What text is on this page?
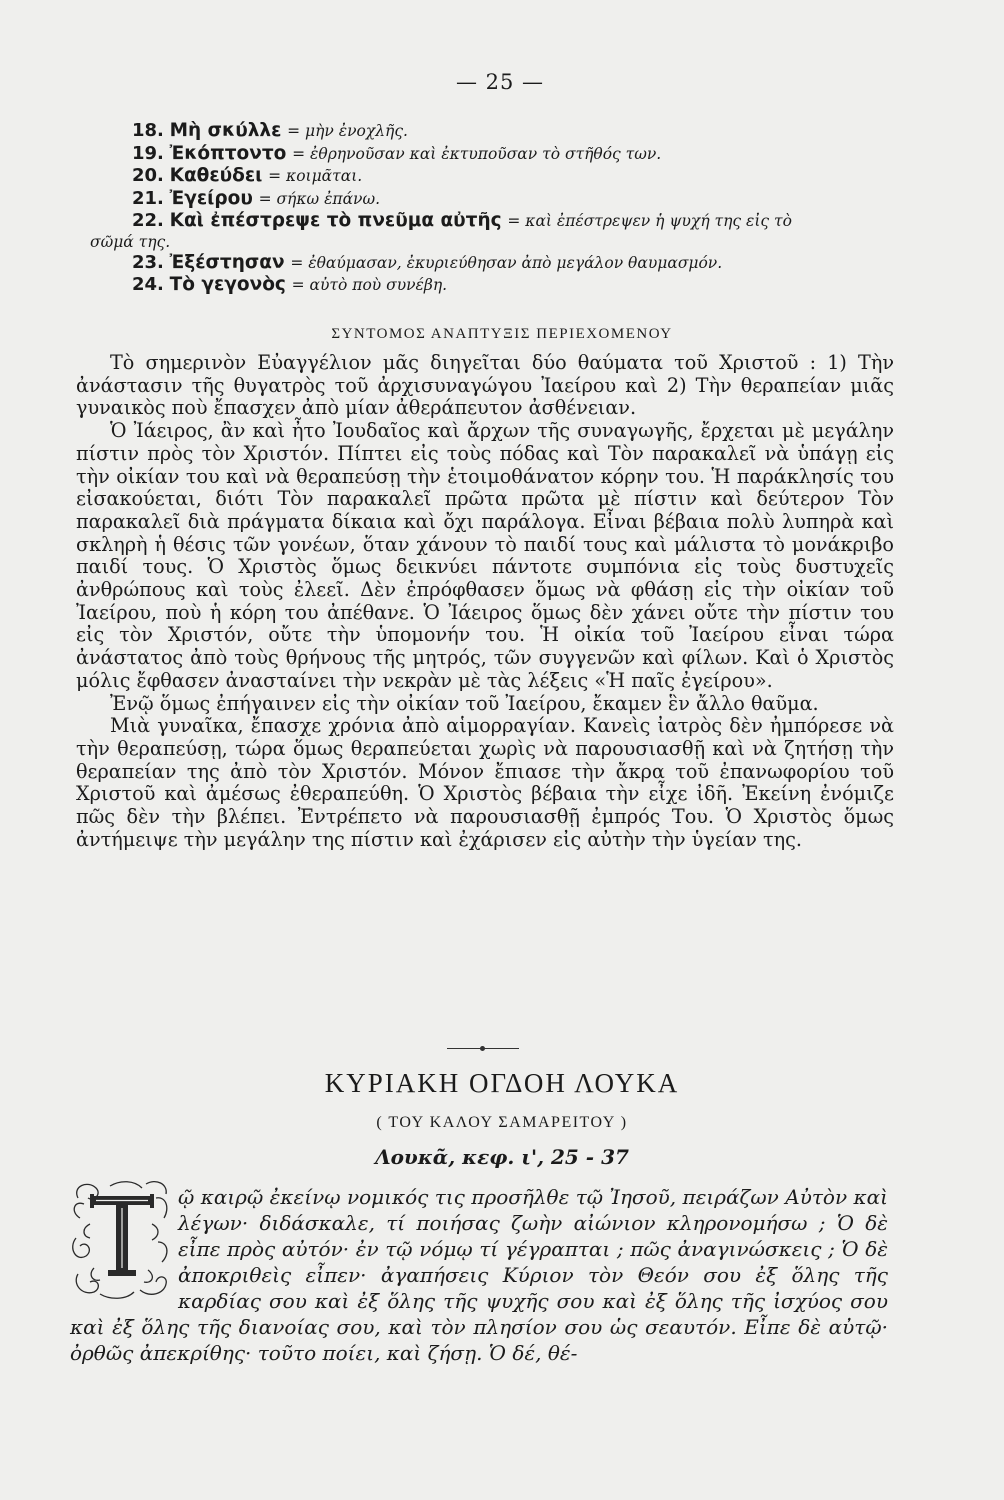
— 25 —
18. Μὴ σκύλλε = μὴν ἐνοχλῆς.
19. Ἐκόπτοντο = ἐθρηνοῦσαν καὶ ἐκτυποῦσαν τὸ στῆθός των.
20. Καθεύδει = κοιμᾶται.
21. Ἐγείρου = σήκω ἐπάνω.
22. Καὶ ἐπέστρεψε τὸ πνεῦμα αὐτῆς = καὶ ἐπέστρεψεν ἡ ψυχή της εἰς τὸ
σῶμά της.
23. Ἐξέστησαν = ἐθαύμασαν, ἐκυριεύθησαν ἀπὸ μεγάλον θαυμασμόν.
24. Τὸ γεγονὸς = αὐτὸ ποὺ συνέβη.
ΣΥΝΤΟΜΟΣ ΑΝΑΠΤΥΞΙΣ ΠΕΡΙΕΧΟΜΕΝΟΥ

Τὸ σημερινὸν Εὐαγγέλιον μᾶς διηγεῖται δύο θαύματα τοῦ Χριστοῦ : 1) Τὴν ἀνάστασιν τῆς θυγατρὸς τοῦ ἀρχισυναγώγου Ἰαείρου καὶ 2) Τὴν θεραπείαν μιᾶς γυναικὸς ποὺ ἔπασχεν ἀπὸ μίαν ἀθεράπευτον ἀσθένειαν.

Ὁ Ἰάειρος, ἂν καὶ ἦτο Ἰουδαῖος καὶ ἄρχων τῆς συναγωγῆς, ἔρχεται μὲ μεγάλην πίστιν πρὸς τὸν Χριστόν. Πίπτει εἰς τοὺς πόδας καὶ Τὸν παρακαλεῖ νὰ ὑπάγῃ εἰς τὴν οἰκίαν του καὶ νὰ θεραπεύσῃ τὴν ἑτοιμοθάνατον κόρην του. Ἡ παράκλησίς του εἰσακούεται, διότι Τὸν παρακαλεῖ πρῶτα πρῶτα μὲ πίστιν καὶ δεύτερον Τὸν παρακαλεῖ διὰ πράγματα δίκαια καὶ ὄχι παράλογα. Εἶναι βέβαια πολὺ λυπηρὰ καὶ σκληρὴ ἡ θέσις τῶν γονέων, ὅταν χάνουν τὸ παιδί τους καὶ μάλιστα τὸ μονάκριβο παιδί τους. Ὁ Χριστὸς ὅμως δεικνύει πάντοτε συμπόνια εἰς τοὺς δυστυχεῖς ἀνθρώπους καὶ τοὺς ἐλεεῖ. Δὲν ἐπρόφθασεν ὅμως νὰ φθάσῃ εἰς τὴν οἰκίαν τοῦ Ἰαείρου, ποὺ ἡ κόρη του ἀπέθανε. Ὁ Ἰάειρος ὅμως δὲν χάνει οὔτε τὴν πίστιν του εἰς τὸν Χριστόν, οὔτε τὴν ὑπομονήν του. Ἡ οἰκία τοῦ Ἰαείρου εἶναι τώρα ἀνάστατος ἀπὸ τοὺς θρήνους τῆς μητρός, τῶν συγγενῶν καὶ φίλων. Καὶ ὁ Χριστὸς μόλις ἔφθασεν ἀνασταίνει τὴν νεκρὰν μὲ τὰς λέξεις «Ἡ παῖς ἐγείρου».

Ἐνῷ ὅμως ἐπήγαινεν εἰς τὴν οἰκίαν τοῦ Ἰαείρου, ἔκαμεν ἓν ἄλλο θαῦμα.

Μιὰ γυναῖκα, ἔπασχε χρόνια ἀπὸ αἱμορραγίαν. Κανεὶς ἰατρὸς δὲν ἠμπόρεσε νὰ τὴν θεραπεύσῃ, τώρα ὅμως θεραπεύεται χωρὶς νὰ παρουσιασθῇ καὶ νὰ ζητήσῃ τὴν θεραπείαν της ἀπὸ τὸν Χριστόν. Μόνον ἔπιασε τὴν ἄκρα τοῦ ἐπανωφορίου τοῦ Χριστοῦ καὶ ἀμέσως ἐθεραπεύθη. Ὁ Χριστὸς βέβαια τὴν εἶχε ἰδῆ. Ἐκείνη ἐνόμιζε πῶς δὲν τὴν βλέπει. Ἐντρέπετο νὰ παρουσιασθῇ ἐμπρός Του. Ὁ Χριστὸς ὅμως ἀντήμειψε τὴν μεγάλην της πίστιν καὶ ἐχάρισεν εἰς αὐτὴν τὴν ὑγείαν της.

ΚΥΡΙΑΚΗ ΟΓΔΟΗ ΛΟΥΚΑ
( ΤΟΥ ΚΑΛΟΥ ΣΑΜΑΡΕΙΤΟΥ )
Λουκᾶ, κεφ. ι', 25 - 37
ῷ καιρῷ ἐκείνῳ νομικός τις προσῆλθε τῷ Ἰησοῦ, πειράζων Αὐτὸν καὶ λέγων· διδάσκαλε, τί ποιήσας ζωὴν αἰώνιον κληρονομήσω ; Ὁ δὲ εἶπε πρὸς αὐτόν· ἐν τῷ νόμῳ τί γέγραπται ; πῶς ἀναγινώσκεις ; Ὁ δὲ ἀποκριθεὶς εἶπεν· ἀγαπήσεις Κύριον τὸν Θεόν σου ἐξ ὅλης τῆς καρδίας σου καὶ ἐξ ὅλης τῆς ψυχῆς σου καὶ ἐξ ὅλης τῆς ἰσχύος σου καὶ ἐξ ὅλης τῆς διανοίας σου, καὶ τὸν πλησίον σου ὡς σεαυτόν. Εἶπε δὲ αὐτῷ· ὀρθῶς ἀπεκρίθης· τοῦτο ποίει, καὶ ζήσῃ. Ὁ δέ, θέ-
